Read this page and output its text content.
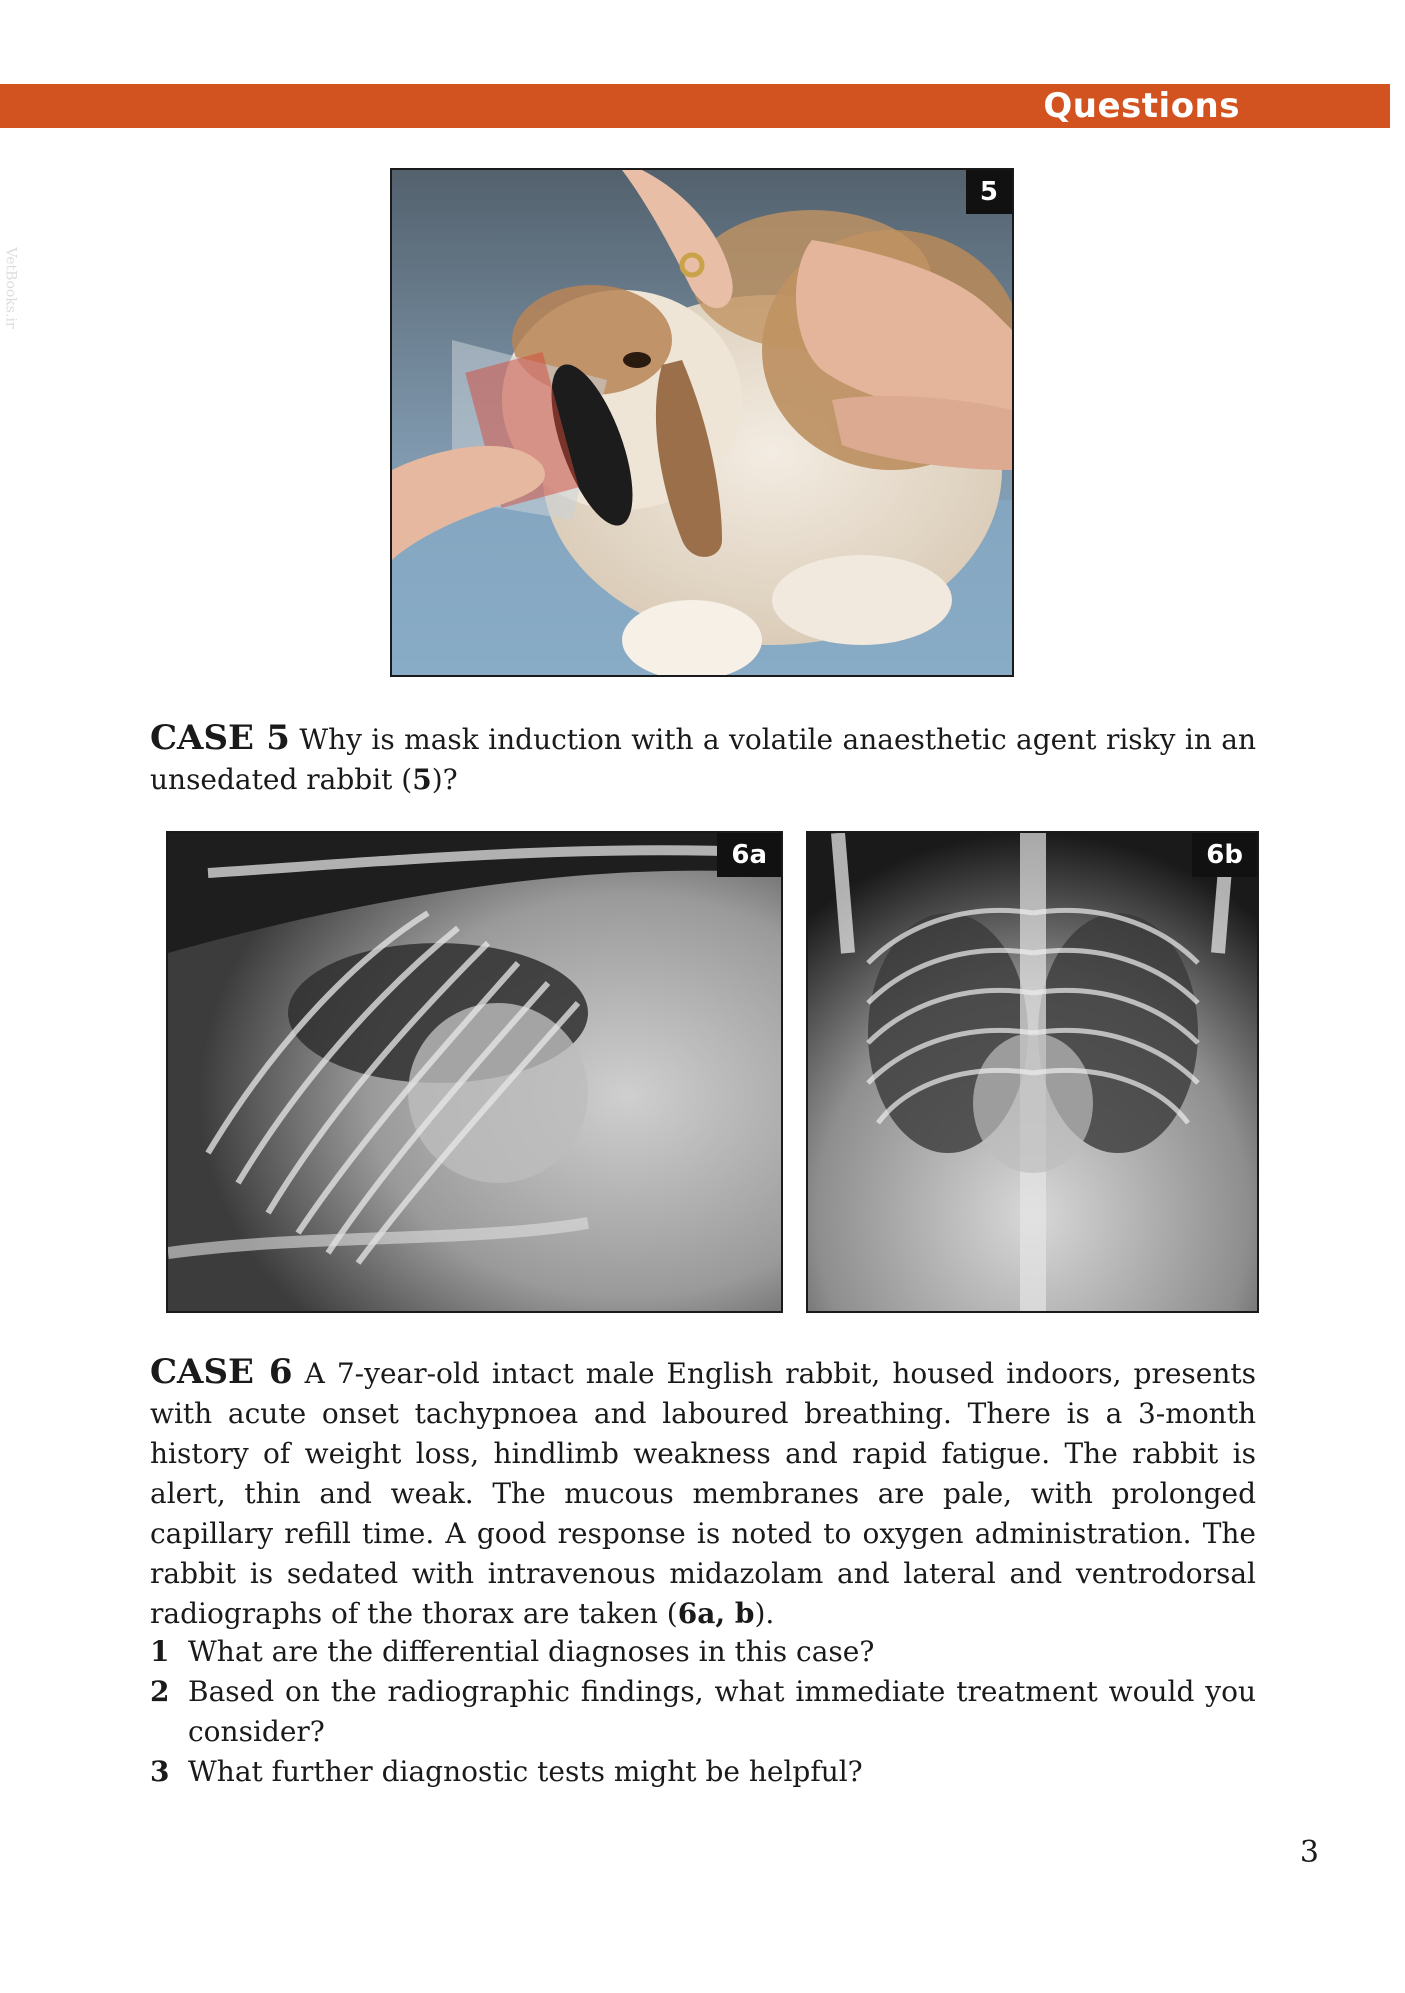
Questions
VetBooks.ir
5
CASE 5 Why is mask induction with a volatile anaesthetic agent risky in an unsedated rabbit (5)?
6a	6b
CASE 6 A 7-year-old intact male English rabbit, housed indoors, presents with acute onset tachypnoea and laboured breathing. There is a 3-month history of weight loss, hindlimb weakness and rapid fatigue. The rabbit is alert, thin and weak. The mucous membranes are pale, with prolonged capillary refill time. A good response is noted to oxygen administration. The rabbit is sedated with intravenous midazolam and lateral and ventrodorsal radiographs of the thorax are taken (6a, b).
1 What are the differential diagnoses in this case?
2 Based on the radiographic findings, what immediate treatment would you consider?
3 What further diagnostic tests might be helpful?
3
